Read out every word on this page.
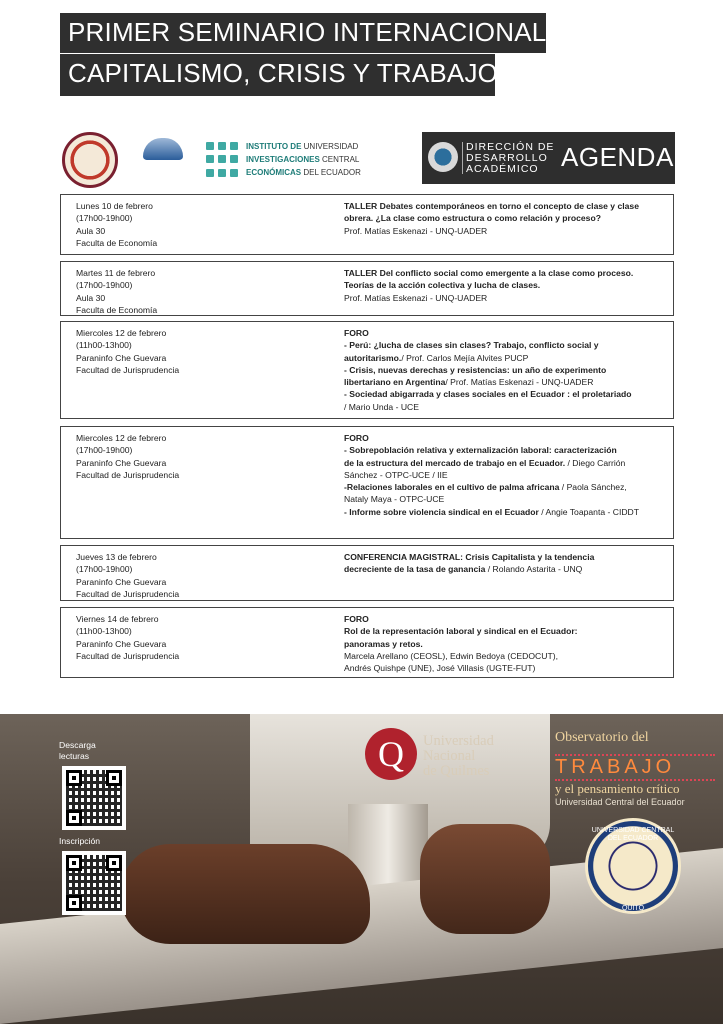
PRIMER SEMINARIO INTERNACIONAL
CAPITALISMO, CRISIS Y TRABAJO
INSTITUTO DE UNIVERSIDAD
INVESTIGACIONES CENTRAL
ECONÓMICAS DEL ECUADOR
DIRECCIÓN DE
DESARROLLO
ACADÉMICO AGENDA

Lunes 10 de febrero

(17h00-19h00)

Aula 30

Faculta de Economía

TALLER Debates contemporáneos en torno el concepto de clase y clase

obrera. ¿La clase como estructura o como relación y proceso?

Prof. Matías Eskenazi - UNQ-UADER

Martes 11 de febrero

(17h00-19h00)

Aula 30

Faculta de Economía

TALLER Del conflicto social como emergente a la clase como proceso.

Teorías de la acción colectiva y lucha de clases.

Prof. Matías Eskenazi - UNQ-UADER

Miercoles 12 de febrero

(11h00-13h00)

Paraninfo Che Guevara

Facultad de Jurisprudencia

FORO

- Perú: ¿lucha de clases sin clases? Trabajo, conflicto social y

autoritarismo./ Prof. Carlos Mejía Alvites PUCP

- Crisis, nuevas derechas y resistencias: un año de experimento

libertariano en Argentina/ Prof. Matías Eskenazi - UNQ-UADER

- Sociedad abigarrada y clases sociales en el Ecuador : el proletariado

/ Mario Unda - UCE

Miercoles 12 de febrero

(17h00-19h00)

Paraninfo Che Guevara

Facultad de Jurisprudencia

FORO

- Sobrepoblación relativa y externalización laboral: caracterización

de la estructura del mercado de trabajo en el Ecuador. / Diego Carrión

Sánchez - OTPC-UCE / IIE

-Relaciones laborales en el cultivo de palma africana / Paola Sánchez,

Nataly Maya - OTPC-UCE

- Informe sobre violencia sindical en el Ecuador / Angie Toapanta - CIDDT

Jueves 13 de febrero

(17h00-19h00)

Paraninfo Che Guevara

Facultad de Jurisprudencia

CONFERENCIA MAGISTRAL: Crisis Capitalista y la tendencia

decreciente de la tasa de ganancia / Rolando Astarita - UNQ

Viernes 14 de febrero

(11h00-13h00)

Paraninfo Che Guevara

Facultad de Jurisprudencia

FORO

Rol de la representación laboral y sindical en el Ecuador:

panoramas y retos.

Marcela Arellano (CEOSL), Edwin Bedoya (CEDOCUT),

Andrés Quishpe (UNE), José Villasis (UGTE-FUT)

Descarga
lecturas
Inscripción
Q	Universidad
Nacional
de Quilmes
Observatorio del
TRABAJO
y el pensamiento crítico
Universidad Central del Ecuador
UNIVERSIDAD CENTRAL DEL ECUADOR
QUITO
